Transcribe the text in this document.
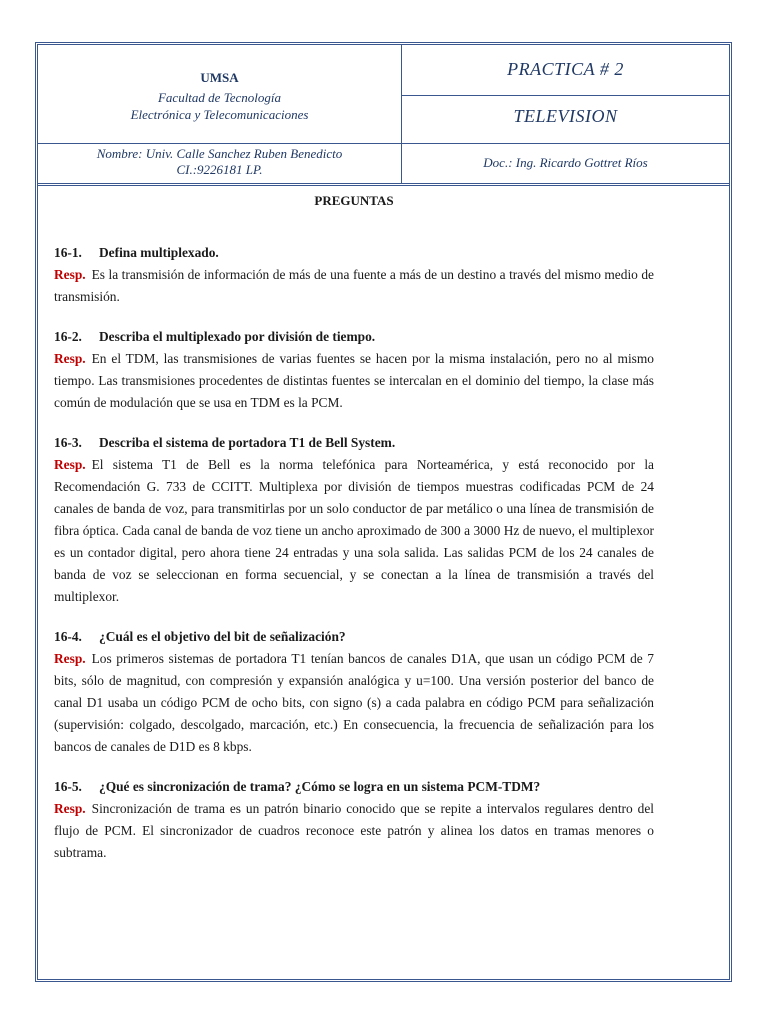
UMSA
Facultad de Tecnología
Electrónica y Telecomunicaciones
PRACTICA # 2
TELEVISION
Nombre: Univ. Calle Sanchez Ruben Benedicto
CI.:9226181 LP.	Doc.: Ing. Ricardo Gottret Ríos
PREGUNTAS

16-1. Defina multiplexado.

Resp. Es la transmisión de información de más de una fuente a más de un destino a través del mismo medio de transmisión.

16-2. Describa el multiplexado por división de tiempo.

Resp. En el TDM, las transmisiones de varias fuentes se hacen por la misma instalación, pero no al mismo tiempo. Las transmisiones procedentes de distintas fuentes se intercalan en el dominio del tiempo, la clase más común de modulación que se usa en TDM es la PCM.

16-3. Describa el sistema de portadora T1 de Bell System.

Resp. El sistema T1 de Bell es la norma telefónica para Norteamérica, y está reconocido por la Recomendación G. 733 de CCITT. Multiplexa por división de tiempos muestras codificadas PCM de 24 canales de banda de voz, para transmitirlas por un solo conductor de par metálico o una línea de transmisión de fibra óptica. Cada canal de banda de voz tiene un ancho aproximado de 300 a 3000 Hz de nuevo, el multiplexor es un contador digital, pero ahora tiene 24 entradas y una sola salida. Las salidas PCM de los 24 canales de banda de voz se seleccionan en forma secuencial, y se conectan a la línea de transmisión a través del multiplexor.

16-4. ¿Cuál es el objetivo del bit de señalización?

Resp. Los primeros sistemas de portadora T1 tenían bancos de canales D1A, que usan un código PCM de 7 bits, sólo de magnitud, con compresión y expansión analógica y u=100. Una versión posterior del banco de canal D1 usaba un código PCM de ocho bits, con signo (s) a cada palabra en código PCM para señalización (supervisión: colgado, descolgado, marcación, etc.) En consecuencia, la frecuencia de señalización para los bancos de canales de D1D es 8 kbps.

16-5. ¿Qué es sincronización de trama? ¿Cómo se logra en un sistema PCM-TDM?

Resp. Sincronización de trama es un patrón binario conocido que se repite a intervalos regulares dentro del flujo de PCM. El sincronizador de cuadros reconoce este patrón y alinea los datos en tramas menores o subtrama.
